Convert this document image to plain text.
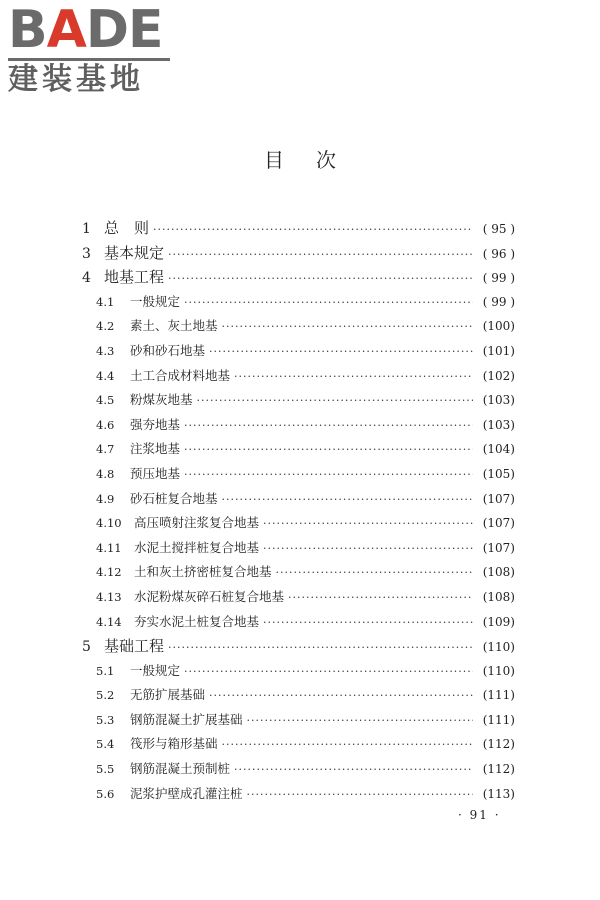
BADE
建装基地
目次
1 总　则 ·····	( 95 )
3 基本规定 ·····	( 96 )
4 地基工程 ·····	( 99 )
4.1	一般规定 ·····	( 99 )
4.2	素土、灰土地基 ·····	(100)
4.3	砂和砂石地基 ·····	(101)
4.4	土工合成材料地基 ·····	(102)
4.5	粉煤灰地基 ·····	(103)
4.6	强夯地基 ·····	(103)
4.7	注浆地基 ·····	(104)
4.8	预压地基 ·····	(105)
4.9	砂石桩复合地基 ·····	(107)
4.10 高压喷射注浆复合地基 ·····	(107)
4.11 水泥土搅拌桩复合地基 ·····	(107)
4.12 土和灰土挤密桩复合地基 ·····	(108)
4.13 水泥粉煤灰碎石桩复合地基 ·····	(108)
4.14 夯实水泥土桩复合地基 ·····	(109)
5 基础工程 ·····	(110)
5.1	一般规定 ·····	(110)
5.2	无筋扩展基础 ·····	(111)
5.3	钢筋混凝土扩展基础 ·····	(111)
5.4	筏形与箱形基础 ·····	(112)
5.5	钢筋混凝土预制桩 ·····	(112)
5.6	泥浆护壁成孔灌注桩 ·····	(113)
· 91 ·
